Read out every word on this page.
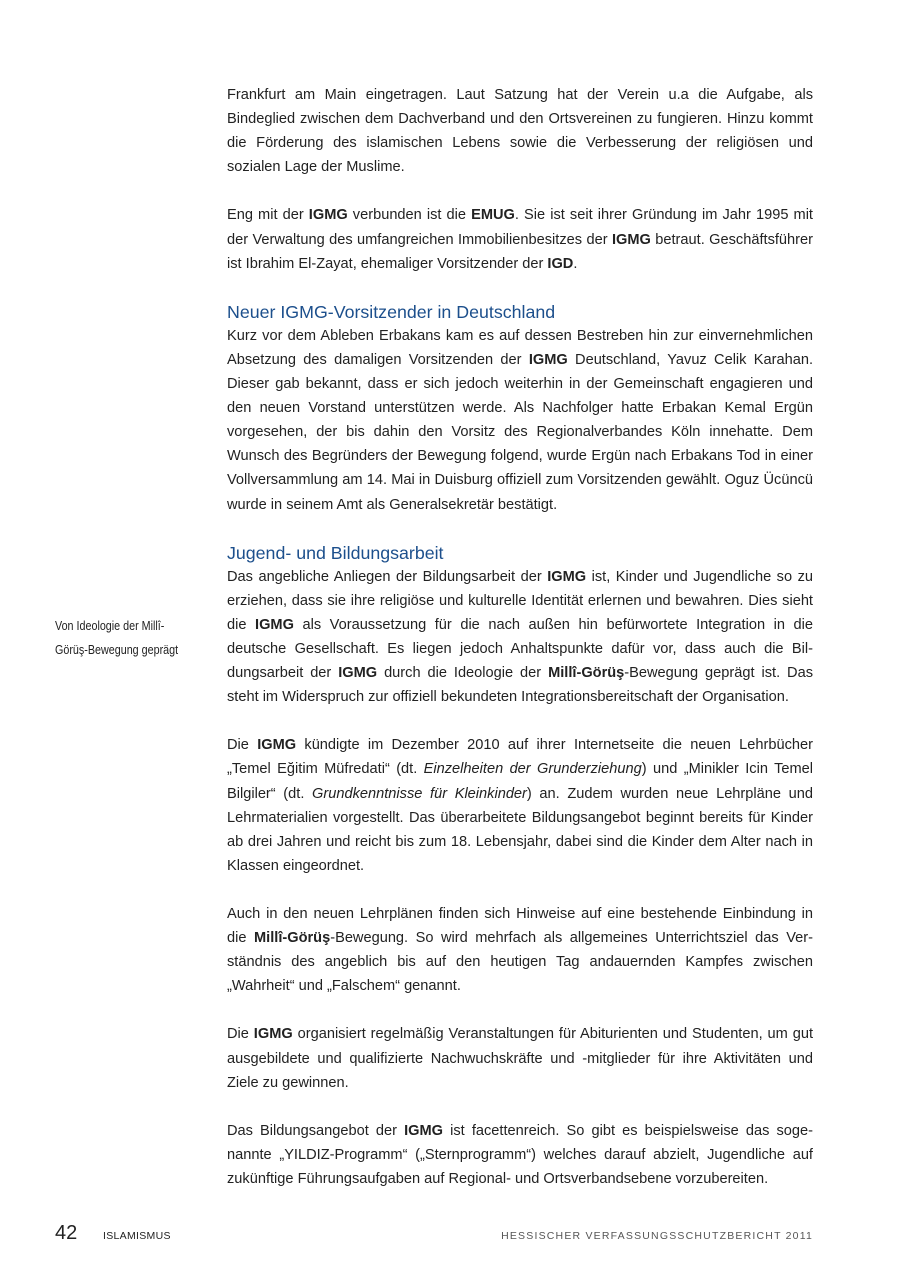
Frankfurt am Main eingetragen. Laut Satzung hat der Verein u.a die Aufgabe, als Bindeglied zwischen dem Dachverband und den Ortsvereinen zu fungieren. Hinzu kommt die Förderung des islamischen Lebens sowie die Verbesserung der religiösen und sozialen Lage der Muslime.

Eng mit der IGMG verbunden ist die EMUG. Sie ist seit ihrer Gründung im Jahr 1995 mit der Verwaltung des umfangreichen Immobilienbesitzes der IGMG betraut. Geschäftsführer ist Ibrahim El-Zayat, ehemaliger Vorsitzender der IGD.

Neuer IGMG-Vorsitzender in Deutschland

Kurz vor dem Ableben Erbakans kam es auf dessen Bestreben hin zur einvernehmlichen Absetzung des damaligen Vorsitzenden der IGMG Deutschland, Yavuz Celik Karahan. Dieser gab bekannt, dass er sich jedoch weiterhin in der Gemeinschaft engagieren und den neuen Vorstand unterstützen werde. Als Nachfolger hatte Erbakan Kemal Ergün vorgesehen, der bis dahin den Vorsitz des Regionalverbandes Köln innehatte. Dem Wunsch des Begründers der Bewegung folgend, wurde Ergün nach Erbakans Tod in einer Vollversammlung am 14. Mai in Duisburg offiziell zum Vorsitzenden gewählt. Oguz Ücüncü wurde in seinem Amt als Generalsekretär bestätigt.

Jugend- und Bildungsarbeit

Das angebliche Anliegen der Bildungsarbeit der IGMG ist, Kinder und Jugendliche so zu erziehen, dass sie ihre religiöse und kulturelle Identität erlernen und bewahren. Dies sieht die IGMG als Voraussetzung für die nach außen hin befürwortete Integration in die deutsche Gesellschaft. Es liegen jedoch Anhaltspunkte dafür vor, dass auch die Bildungsarbeit der IGMG durch die Ideologie der Millî-Görüş-Bewegung geprägt ist. Das steht im Widerspruch zur offiziell bekundeten Integrationsbereitschaft der Organisation.

Die IGMG kündigte im Dezember 2010 auf ihrer Internetseite die neuen Lehrbücher „Temel Eğitim Müfredati“ (dt. Einzelheiten der Grunderziehung) und „Minikler Icin Temel Bilgiler“ (dt. Grundkenntnisse für Kleinkinder) an. Zudem wurden neue Lehrpläne und Lehrmaterialien vorgestellt. Das überarbeitete Bildungsangebot beginnt bereits für Kinder ab drei Jahren und reicht bis zum 18. Lebensjahr, dabei sind die Kinder dem Alter nach in Klassen eingeordnet.

Auch in den neuen Lehrplänen finden sich Hinweise auf eine bestehende Einbindung in die Millî-Görüş-Bewegung. So wird mehrfach als allgemeines Unterrichtsziel das Verständnis des angeblich bis auf den heutigen Tag andauernden Kampfes zwischen „Wahrheit“ und „Falschem“ genannt.

Die IGMG organisiert regelmäßig Veranstaltungen für Abiturienten und Studenten, um gut ausgebildete und qualifizierte Nachwuchskräfte und -mitglieder für ihre Aktivitäten und Ziele zu gewinnen.

Das Bildungsangebot der IGMG ist facettenreich. So gibt es beispielsweise das sogenannte „YILDIZ-Programm“ („Sternprogramm“) welches darauf abzielt, Jugendliche auf zukünftige Führungsaufgaben auf Regional- und Ortsverbandsebene vorzubereiten.

Von Ideologie der Millî-Görüş-Bewegung geprägt
42 ISLAMISMUS	HESSISCHER VERFASSUNGSSCHUTZBERICHT 2011
